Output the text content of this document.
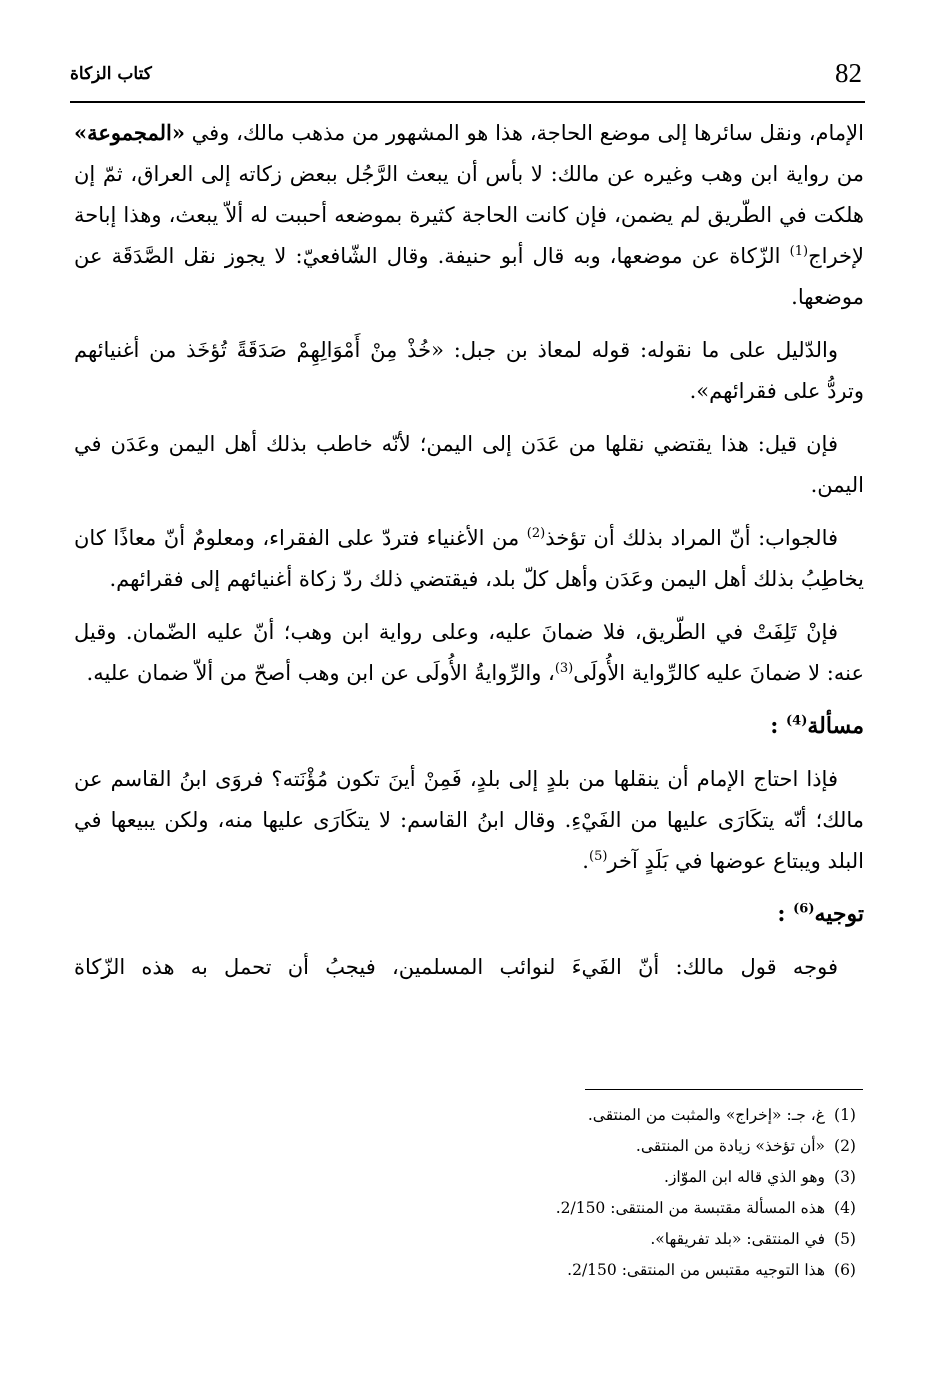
كتاب الزكاة	82

الإمام، ونقل سائرها إلى موضع الحاجة، هذا هو المشهور من مذهب مالك، وفي «المجموعة» من رواية ابن وهب وغيره عن مالك: لا بأس أن يبعث الرَّجُل ببعض زكاته إلى العراق، ثمّ إن هلكت في الطّريق لم يضمن، فإن كانت الحاجة كثيرة بموضعه أحببت له ألاّ يبعث، وهذا إباحة لإخراج$^{(1)}$ الزّكاة عن موضعها، وبه قال أبو حنيفة. وقال الشّافعيّ: لا يجوز نقل الصَّدَقَة عن موضعها.

والدّليل على ما نقوله: قوله لمعاذ بن جبل: «خُذْ مِنْ أَمْوَالِهِمْ صَدَقَةً تُؤخَذ من أغنيائهم وتردُّ على فقرائهم».

فإن قيل: هذا يقتضي نقلها من عَدَن إلى اليمن؛ لأنّه خاطب بذلك أهل اليمن وعَدَن في اليمن.

فالجواب: أنّ المراد بذلك أن تؤخذ$^{(2)}$ من الأغنياء فتردّ على الفقراء، ومعلومٌ أنّ معاذًا كان يخاطِبُ بذلك أهل اليمن وعَدَن وأهل كلّ بلد، فيقتضي ذلك ردّ زكاة أغنيائهم إلى فقرائهم.

فإنْ تَلِفَتْ في الطّريق، فلا ضمانَ عليه، وعلى رواية ابن وهب؛ أنّ عليه الضّمان. وقيل عنه: لا ضمانَ عليه كالرِّواية الأُولَى$^{(3)}$، والرِّوايةُ الأُولَى عن ابن وهب أصحّ من ألاّ ضمان عليه.

مسألة$^{(4)}$ :

فإذا احتاج الإمام أن ينقلها من بلدٍ إلى بلدٍ، فَمِنْ أينَ تكون مُؤْنَته؟ فروَى ابنُ القاسم عن مالك؛ أنّه يتكَارَى عليها من الفَيْءِ. وقال ابنُ القاسم: لا يتكَارَى عليها منه، ولكن يبيعها في البلد ويبتاع عوضها في بَلَدٍ آخر$^{(5)}$.

توجيه$^{(6)}$ :

فوجه قول مالك: أنّ الفَيءَ لنوائب المسلمين، فيجبُ أن تحمل به هذه الزّكاة

(1)غ، جـ: «إخراج» والمثبت من المنتقى.
(2)«أن تؤخذ» زيادة من المنتقى.
(3)وهو الذي قاله ابن الموّاز.
(4)هذه المسألة مقتبسة من المنتقى: 2/150.
(5)في المنتقى: «بلد تفريقها».
(6)هذا التوجيه مقتبس من المنتقى: 2/150.
